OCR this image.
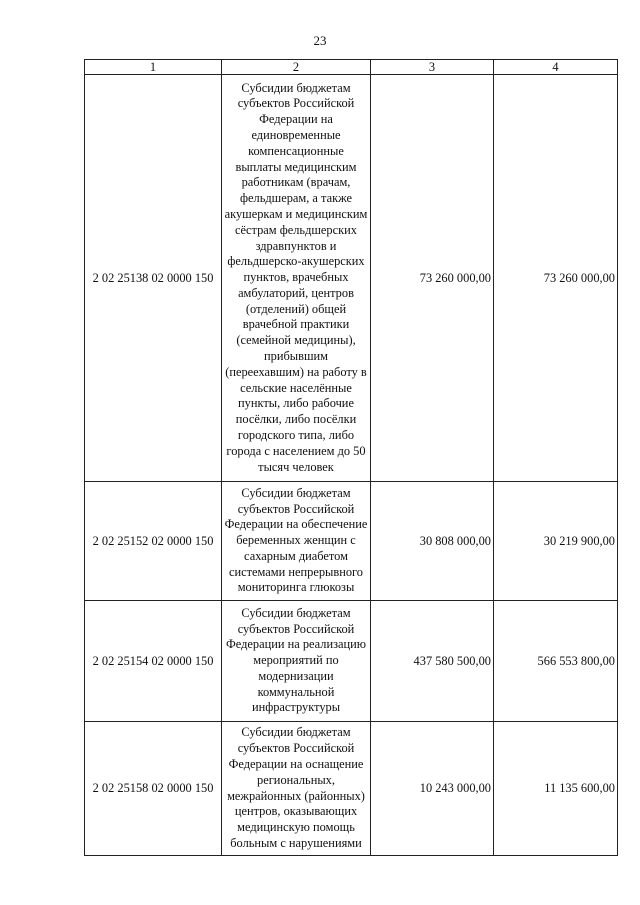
23
1	2	3	4
2 02 25138 02 0000 150	Субсидии бюджетам субъектов Российской Федерации на единовременные компенсационные выплаты медицинским работникам (врачам, фельдшерам, а также акушеркам и медицинским сёстрам фельдшерских здравпунктов и фельдшерско-акушерских пунктов, врачебных амбулаторий, центров (отделений) общей врачебной практики (семейной медицины), прибывшим (переехавшим) на работу в сельские населённые пункты, либо рабочие посёлки, либо посёлки городского типа, либо города с населением до 50 тысяч человек	73 260 000,00	73 260 000,00
2 02 25152 02 0000 150	Субсидии бюджетам субъектов Российской Федерации на обеспечение беременных женщин с сахарным диабетом системами непрерывного мониторинга глюкозы	30 808 000,00	30 219 900,00
2 02 25154 02 0000 150	Субсидии бюджетам субъектов Российской Федерации на реализацию мероприятий по модернизации коммунальной инфраструктуры	437 580 500,00	566 553 800,00
2 02 25158 02 0000 150	Субсидии бюджетам субъектов Российской Федерации на оснащение региональных, межрайонных (районных) центров, оказывающих медицинскую помощь больным с нарушениями	10 243 000,00	11 135 600,00
